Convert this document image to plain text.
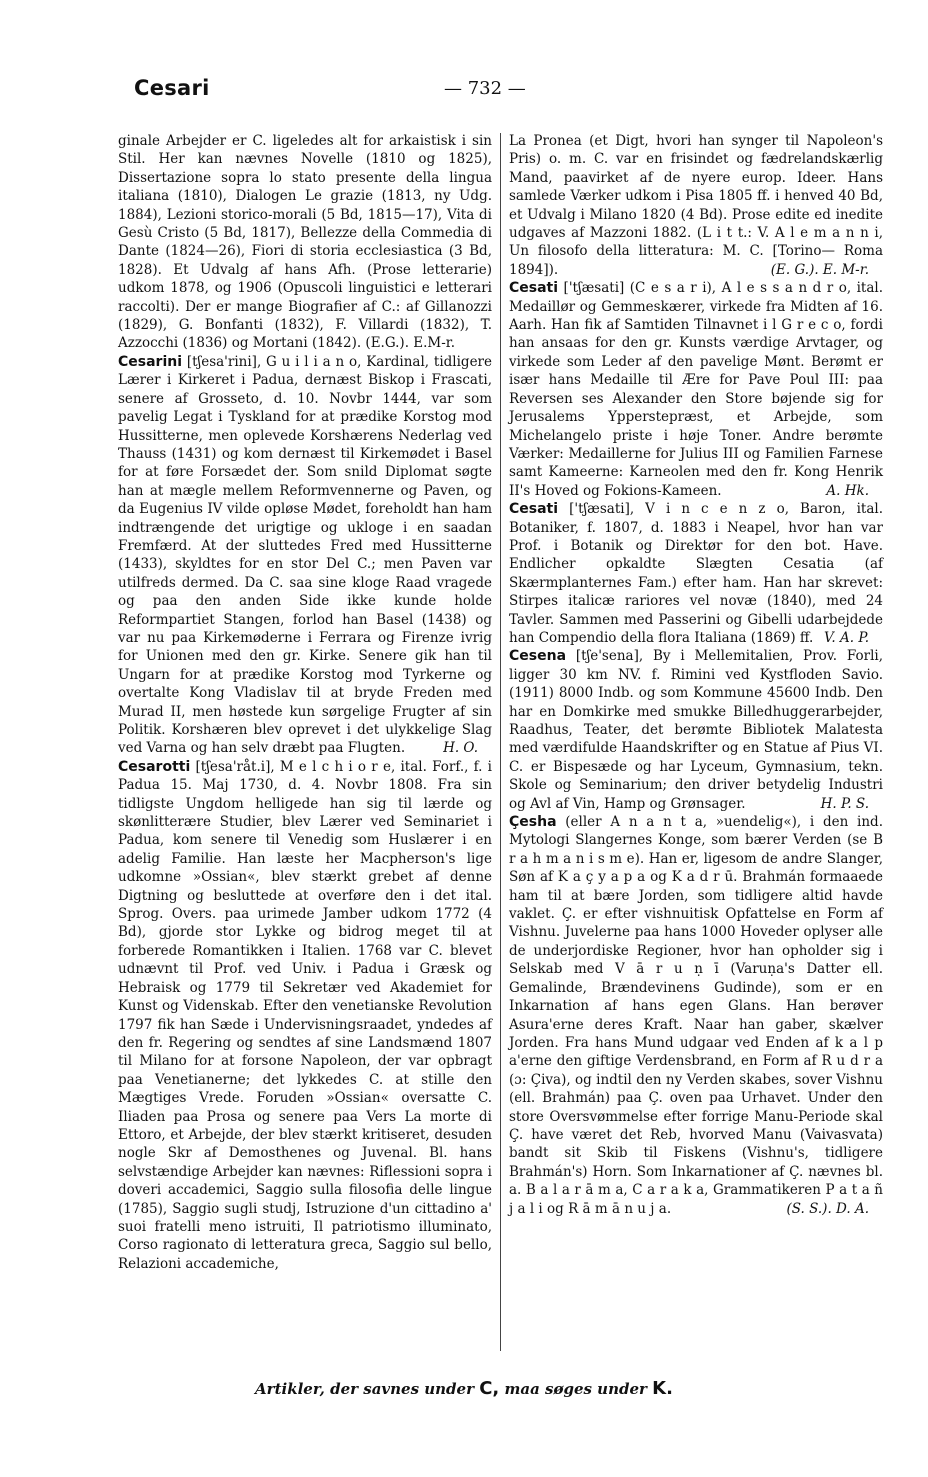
Cesari	— 732 —

ginale Arbejder er C. ligeledes alt for arkaistisk i sin Stil. Her kan nævnes Novelle (1810 og 1825), Dissertazione sopra lo stato presente della lingua italiana (1810), Dialogen Le grazie (1813, ny Udg. 1884), Lezioni storico-morali (5 Bd, 1815—17), Vita di Gesù Cristo (5 Bd, 1817), Bellezze della Commedia di Dante (1824—26), Fiori di storia ecclesiastica (3 Bd, 1828). Et Udvalg af hans Afh. (Prose letterarie) udkom 1878, og 1906 (Opuscoli linguistici e letterari raccolti). Der er mange Biografier af C.: af Gillanozzi (1829), G. Bonfanti (1832), F. Villardi (1832), T. Azzocchi (1836) og Mortani (1842). (E.G.). E.M-r.

Cesarini [tʃesa'rini], G u i l i a n o, Kardinal, tidligere Lærer i Kirkeret i Padua, dernæst Biskop i Frascati, senere af Grosseto, d. 10. Novbr 1444, var som pavelig Legat i Tyskland for at prædike Korstog mod Hussitterne, men oplevede Korshærens Nederlag ved Thauss (1431) og kom dernæst til Kirkemødet i Basel for at føre Forsædet der. Som snild Diplomat søgte han at mægle mellem Reformvennerne og Paven, og da Eugenius IV vilde opløse Mødet, foreholdt han ham indtrængende det urigtige og ukloge i en saadan Fremfærd. At der sluttedes Fred med Hussitterne (1433), skyldtes for en stor Del C.; men Paven var utilfreds dermed. Da C. saa sine kloge Raad vragede og paa den anden Side ikke kunde holde Reformpartiet Stangen, forlod han Basel (1438) og var nu paa Kirkemøderne i Ferrara og Firenze ivrig for Unionen med den gr. Kirke. Senere gik han til Ungarn for at prædike Korstog mod Tyrkerne og overtalte Kong Vladislav til at bryde Freden med Murad II, men høstede kun sørgelige Frugter af sin Politik. Korshæren blev oprevet i det ulykkelige Slag ved Varna og han selv dræbt paa Flugten.	H. O.

Cesarotti [tʃesa'råt.i], M e l c h i o r e, ital. Forf., f. i Padua 15. Maj 1730, d. 4. Novbr 1808. Fra sin tidligste Ungdom helligede han sig til lærde og skønlitterære Studier, blev Lærer ved Seminariet i Padua, kom senere til Venedig som Huslærer i en adelig Familie. Han læste her Macpherson's lige udkomne »Ossian«, blev stærkt grebet af denne Digtning og besluttede at overføre den i det ital. Sprog. Overs. paa urimede Jamber udkom 1772 (4 Bd), gjorde stor Lykke og bidrog meget til at forberede Romantikken i Italien. 1768 var C. blevet udnævnt til Prof. ved Univ. i Padua i Græsk og Hebraisk og 1779 til Sekretær ved Akademiet for Kunst og Videnskab. Efter den venetianske Revolution 1797 fik han Sæde i Undervisningsraadet, yndedes af den fr. Regering og sendtes af sine Landsmænd 1807 til Milano for at forsone Napoleon, der var opbragt paa Venetianerne; det lykkedes C. at stille den Mægtiges Vrede. Foruden »Ossian« oversatte C. Iliaden paa Prosa og senere paa Vers La morte di Ettoro, et Arbejde, der blev stærkt kritiseret, desuden nogle Skr af Demosthenes og Juvenal. Bl. hans selvstændige Arbejder kan nævnes: Riflessioni sopra i doveri accademici, Saggio sulla filosofia delle lingue (1785), Saggio sugli studj, Istruzione d'un cittadino a' suoi fratelli meno istruiti, Il patriotismo illuminato, Corso ragionato di letteratura greca, Saggio sul bello, Relazioni accademiche,

La Pronea (et Digt, hvori han synger til Napoleon's Pris) o. m. C. var en frisindet og fædrelandskærlig Mand, paavirket af de nyere europ. Ideer. Hans samlede Værker udkom i Pisa 1805 ff. i henved 40 Bd, et Udvalg i Milano 1820 (4 Bd). Prose edite ed inedite udgaves af Mazzoni 1882. (L i t t.: V. A l e m a n n i, Un filosofo della litteratura: M. C. [Torino— Roma 1894]).	(E. G.). E. M-r.

Cesati ['tʃæsati] (C e s a r i), A l e s s a n d r o, ital. Medaillør og Gemmeskærer, virkede fra Midten af 16. Aarh. Han fik af Samtiden Tilnavnet i l G r e c o, fordi han ansaas for den gr. Kunsts værdige Arvtager, og virkede som Leder af den pavelige Mønt. Berømt er især hans Medaille til Ære for Pave Poul III: paa Reversen ses Alexander den Store bøjende sig for Jerusalems Ypperstepræst, et Arbejde, som Michelangelo priste i høje Toner. Andre berømte Værker: Medaillerne for Julius III og Familien Farnese samt Kameerne: Karneolen med den fr. Kong Henrik II's Hoved og Fokions-Kameen.	A. Hk.

Cesati ['tʃæsati], V i n c e n z o, Baron, ital. Botaniker, f. 1807, d. 1883 i Neapel, hvor han var Prof. i Botanik og Direktør for den bot. Have. Endlicher opkaldte Slægten Cesatia (af Skærmplanternes Fam.) efter ham. Han har skrevet: Stirpes italicæ rariores vel novæ (1840), med 24 Tavler. Sammen med Passerini og Gibelli udarbejdede han Compendio della flora Italiana (1869) ff. V. A. P.

Cesena [tʃe'sena], By i Mellemitalien, Prov. Forli, ligger 30 km NV. f. Rimini ved Kystfloden Savio. (1911) 8000 Indb. og som Kommune 45600 Indb. Den har en Domkirke med smukke Billedhuggerarbejder, Raadhus, Teater, det berømte Bibliotek Malatesta med værdifulde Haandskrifter og en Statue af Pius VI. C. er Bispesæde og har Lyceum, Gymnasium, tekn. Skole og Seminarium; den driver betydelig Industri og Avl af Vin, Hamp og Grønsager.	H. P. S.

Çesha (eller A n a n t a, »uendelig«), i den ind. Mytologi Slangernes Konge, som bærer Verden (se B r a h m a n i s m e). Han er, ligesom de andre Slanger, Søn af K a ç y a p a og K a d r ū. Brahmán formaaede ham til at bære Jorden, som tidligere altid havde vaklet. Ç. er efter vishnuitisk Opfattelse en Form af Vishnu. Juvelerne paa hans 1000 Hoveder oplyser alle de underjordiske Regioner, hvor han opholder sig i Selskab med V ā r u ṇ ī (Varuṇa's Datter ell. Gemalinde, Brændevinens Gudinde), som er en Inkarnation af hans egen Glans. Han berøver Asura'erne deres Kraft. Naar han gaber, skælver Jorden. Fra hans Mund udgaar ved Enden af k a l p a'erne den giftige Verdensbrand, en Form af R u d r a (ɔ: Çiva), og indtil den ny Verden skabes, sover Vishnu (ell. Brahmán) paa Ç. oven paa Urhavet. Under den store Oversvømmelse efter forrige Manu-Periode skal Ç. have været det Reb, hvorved Manu (Vaivasvata) bandt sit Skib til Fiskens (Vishnu's, tidligere Brahmán's) Horn. Som Inkarnationer af Ç. nævnes bl. a. B a l a r ā m a, C a r a k a, Grammatikeren P a t a ñ j a l i og R ā m ā n u j a.	(S. S.). D. A.

Artikler, der savnes under C, maa søges under K.
